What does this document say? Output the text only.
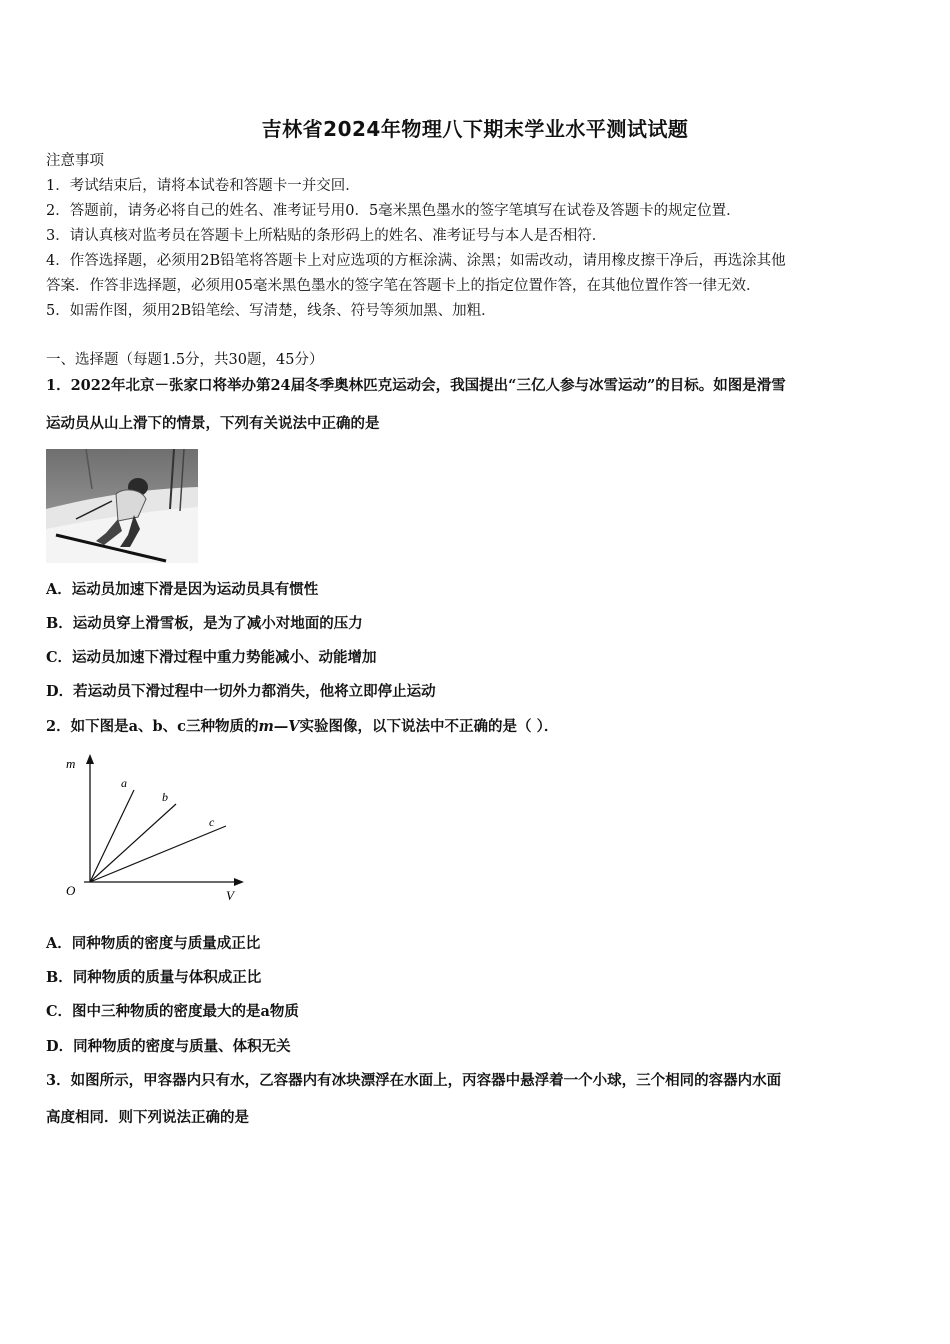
吉林省2024年物理八下期末学业水平测试试题
注意事项
1．考试结束后，请将本试卷和答题卡一并交回．
2．答题前，请务必将自己的姓名、准考证号用0．5毫米黑色墨水的签字笔填写在试卷及答题卡的规定位置．
3．请认真核对监考员在答题卡上所粘贴的条形码上的姓名、准考证号与本人是否相符．
4．作答选择题，必须用2B铅笔将答题卡上对应选项的方框涂满、涂黑；如需改动，请用橡皮擦干净后，再选涂其他
答案．作答非选择题，必须用05毫米黑色墨水的签字笔在答题卡上的指定位置作答，在其他位置作答一律无效．
5．如需作图，须用2B铅笔绘、写清楚，线条、符号等须加黑、加粗．
一、选择题（每题1.5分，共30题，45分）
1．2022年北京－张家口将举办第24届冬季奥林匹克运动会，我国提出“三亿人参与冰雪运动”的目标。如图是滑雪
运动员从山上滑下的情景，下列有关说法中正确的是
A．运动员加速下滑是因为运动员具有惯性
B．运动员穿上滑雪板，是为了减小对地面的压力
C．运动员加速下滑过程中重力势能减小、动能增加
D．若运动员下滑过程中一切外力都消失，他将立即停止运动
2．如下图是a、b、c三种物质的m—V实验图像，以下说法中不正确的是（ ）．
m
V
O
a
b
c
A．同种物质的密度与质量成正比
B．同种物质的质量与体积成正比
C．图中三种物质的密度最大的是a物质
D．同种物质的密度与质量、体积无关
3．如图所示，甲容器内只有水，乙容器内有冰块漂浮在水面上，丙容器中悬浮着一个小球，三个相同的容器内水面
高度相同．则下列说法正确的是
